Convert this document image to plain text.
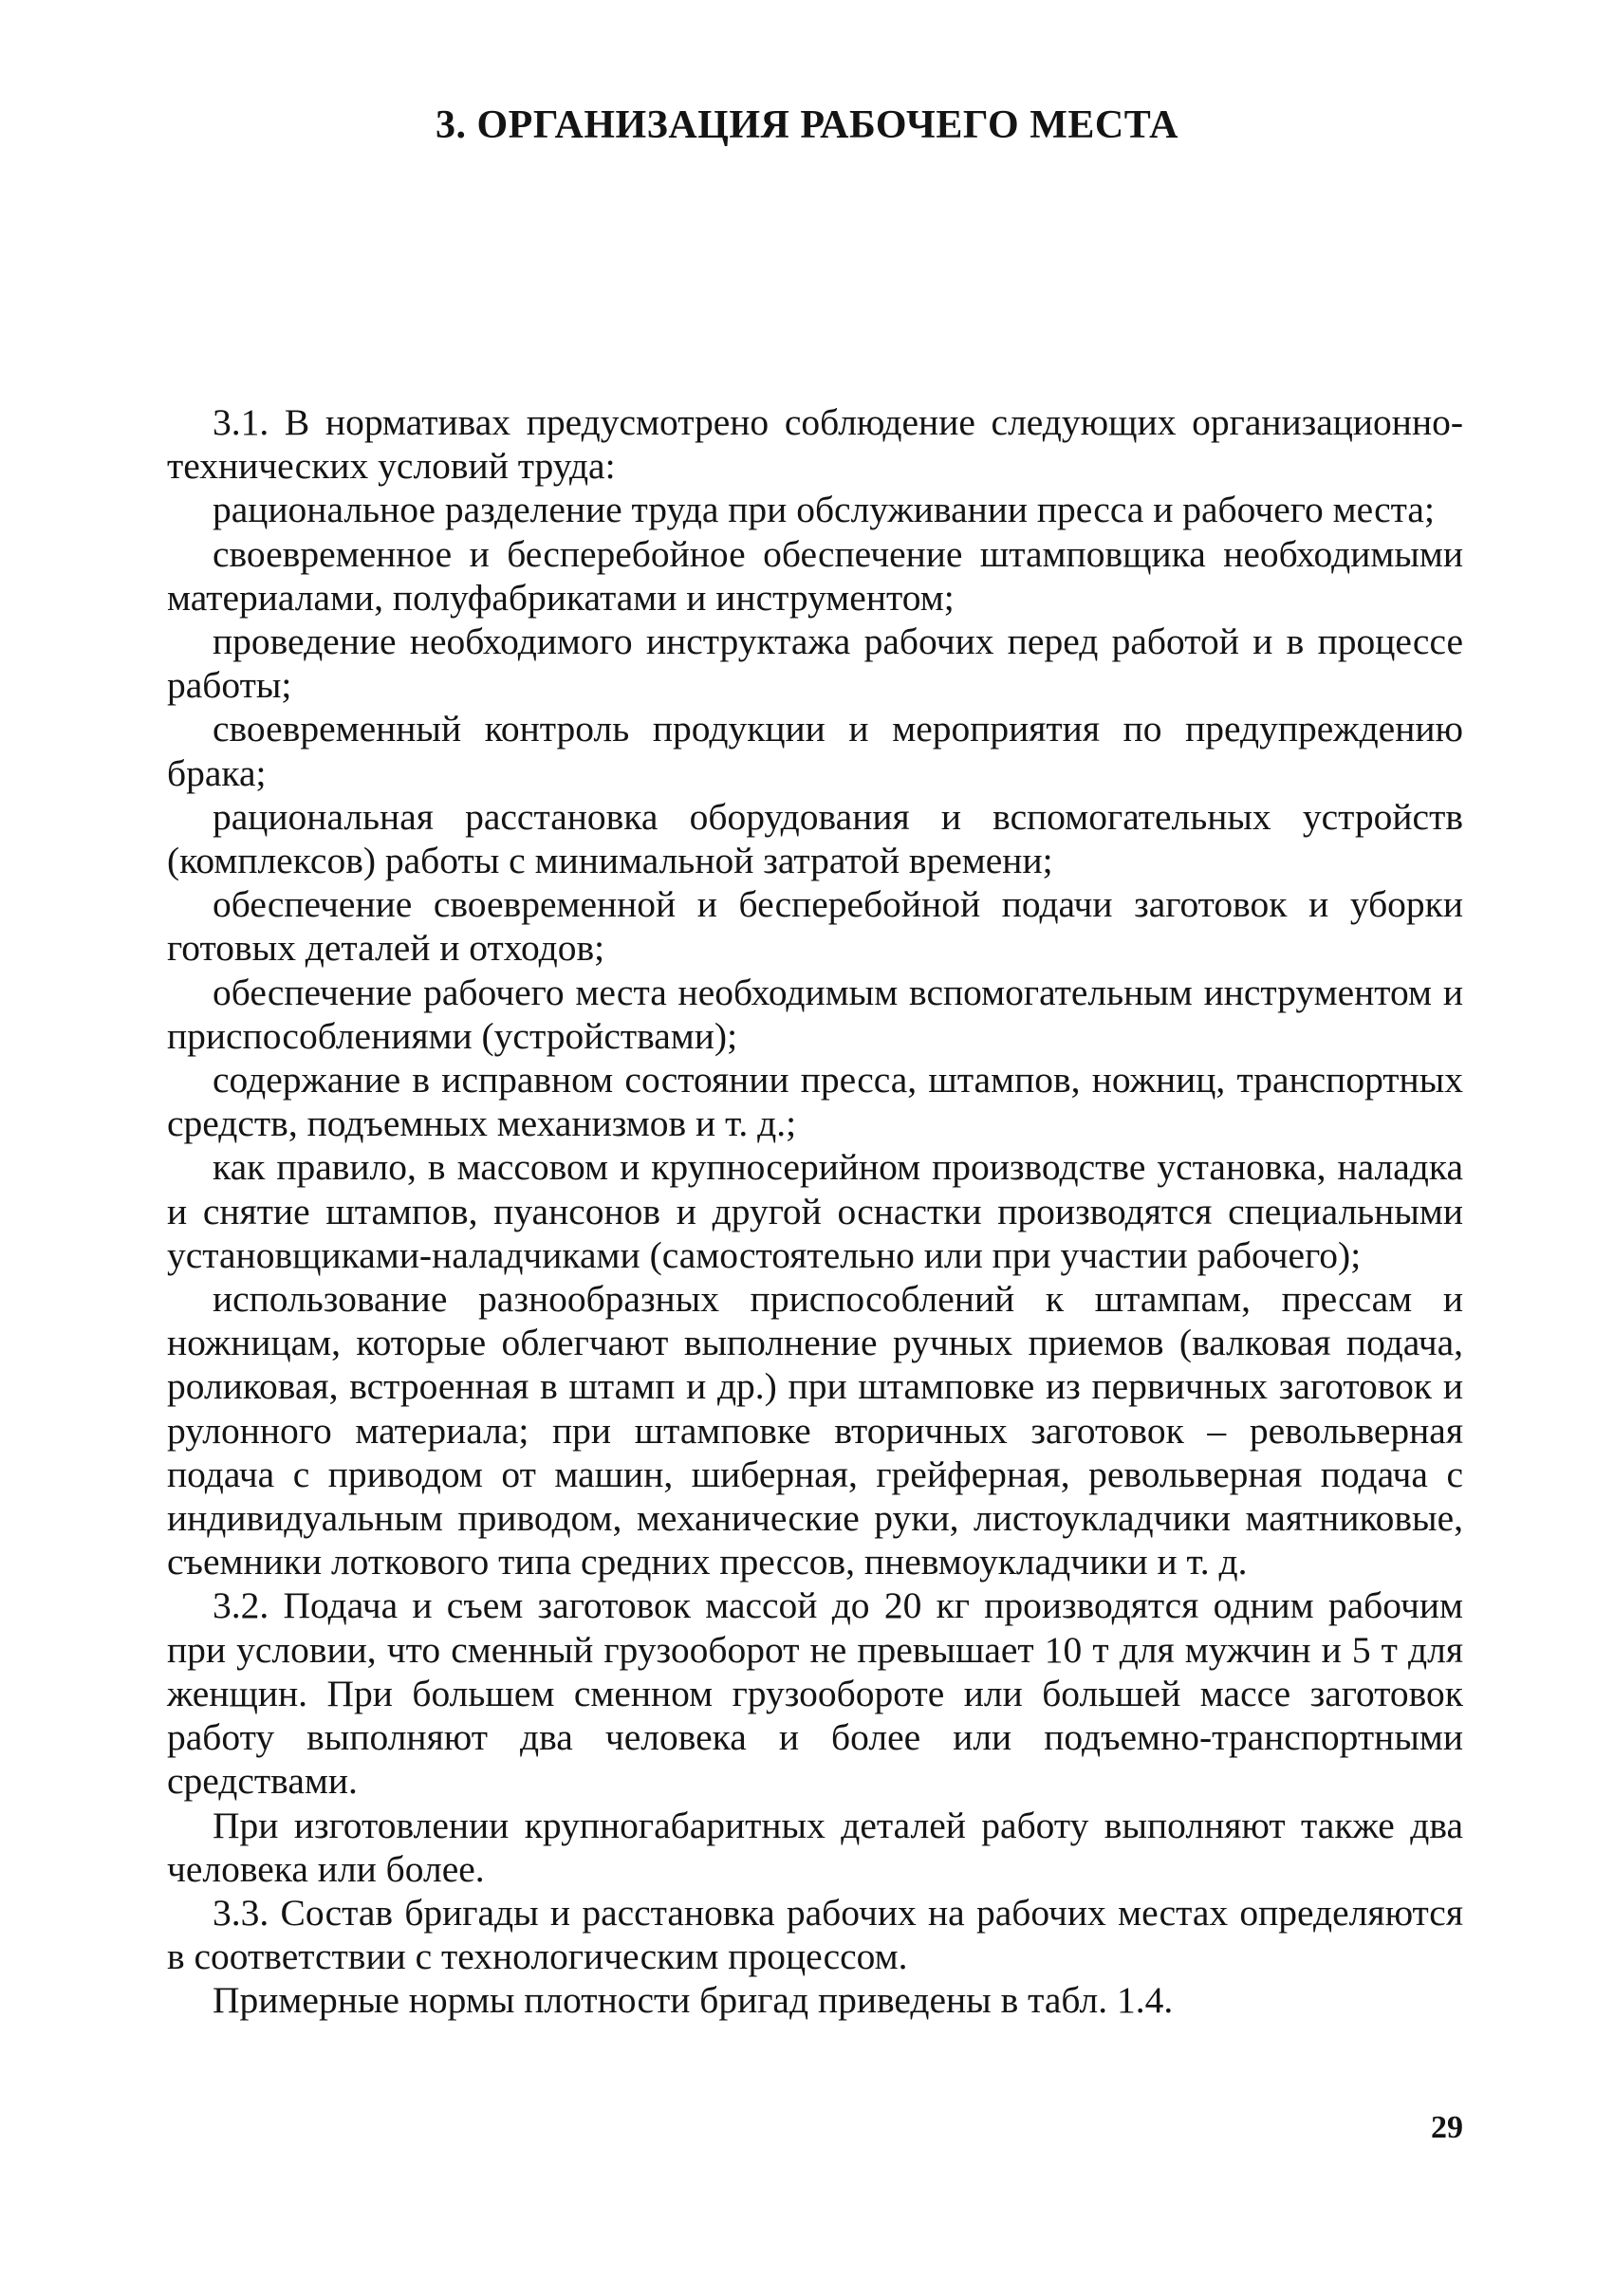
3. ОРГАНИЗАЦИЯ РАБОЧЕГО МЕСТА

3.1. В нормативах предусмотрено соблюдение следующих организационно-технических условий труда:

рациональное разделение труда при обслуживании пресса и рабочего места;

своевременное и бесперебойное обеспечение штамповщика необходимыми материалами, полуфабрикатами и инструментом;

проведение необходимого инструктажа рабочих перед работой и в процессе работы;

своевременный контроль продукции и мероприятия по предупреждению брака;

рациональная расстановка оборудования и вспомогательных устройств (комплексов) работы с минимальной затратой времени;

обеспечение своевременной и бесперебойной подачи заготовок и уборки готовых деталей и отходов;

обеспечение рабочего места необходимым вспомогательным инструментом и приспособлениями (устройствами);

содержание в исправном состоянии пресса, штампов, ножниц, транспортных средств, подъемных механизмов и т. д.;

как правило, в массовом и крупносерийном производстве установка, наладка и снятие штампов, пуансонов и другой оснастки производятся специальными установщиками-наладчиками (самостоятельно или при участии рабочего);

использование разнообразных приспособлений к штампам, прессам и ножницам, которые облегчают выполнение ручных приемов (валковая подача, роликовая, встроенная в штамп и др.) при штамповке из первичных заготовок и рулонного материала; при штамповке вторичных заготовок – револьверная подача с приводом от машин, шиберная, грейферная, револьверная подача с индивидуальным приводом, механические руки, листоукладчики маятниковые, съемники лоткового типа средних прессов, пневмоукладчики и т. д.

3.2. Подача и съем заготовок массой до 20 кг производятся одним рабочим при условии, что сменный грузооборот не превышает 10 т для мужчин и 5 т для женщин. При большем сменном грузообороте или большей массе заготовок работу выполняют два человека и более или подъемно-транспортными средствами.

При изготовлении крупногабаритных деталей работу выполняют также два человека или более.

3.3. Состав бригады и расстановка рабочих на рабочих местах определяются в соответствии с технологическим процессом.

Примерные нормы плотности бригад приведены в табл. 1.4.

29
